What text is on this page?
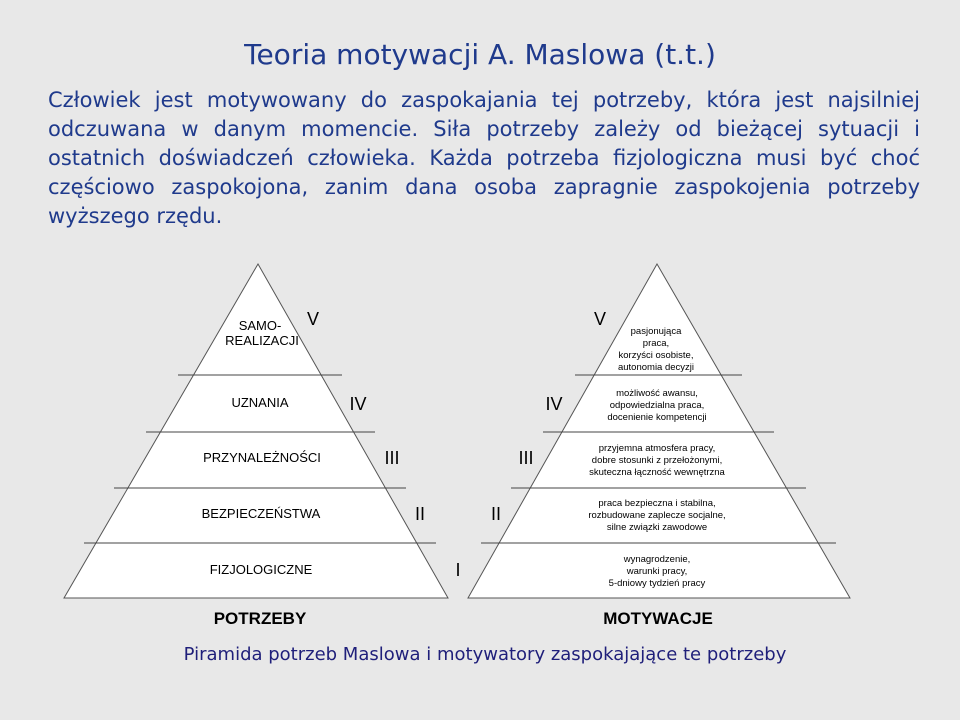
Teoria motywacji A. Maslowa (t.t.)
Człowiek jest motywowany do zaspokajania tej potrzeby, która jest najsilniej odczuwana w danym momencie. Siła potrzeby zależy od bieżącej sytuacji i ostatnich doświadczeń człowieka. Każda potrzeba fizjologiczna musi być choć częściowo zaspokojona, zanim dana osoba zapragnie zaspokojenia potrzeby wyższego rzędu.
SAMO-
REALIZACJI
V
UZNANIA	IV
PRZYNALEŻNOŚCI	III
BEZPIECZEŃSTWA	II
FIZJOLOGICZNE
POTRZEBY
I
V
pasjonująca
praca,
korzyści osobiste,
autonomia decyzji
IV
możliwość awansu,
odpowiedzialna praca,
docenienie kompetencji
III	przyjemna atmosfera pracy,
dobre stosunki z przełożonymi,
skuteczna łączność wewnętrzna
II
praca bezpieczna i stabilna,
rozbudowane zaplecze socjalne,
silne związki zawodowe
wynagrodzenie,
warunki pracy,
5-dniowy tydzień pracy
MOTYWACJE
Piramida potrzeb Maslowa i motywatory zaspokajające te potrzeby
